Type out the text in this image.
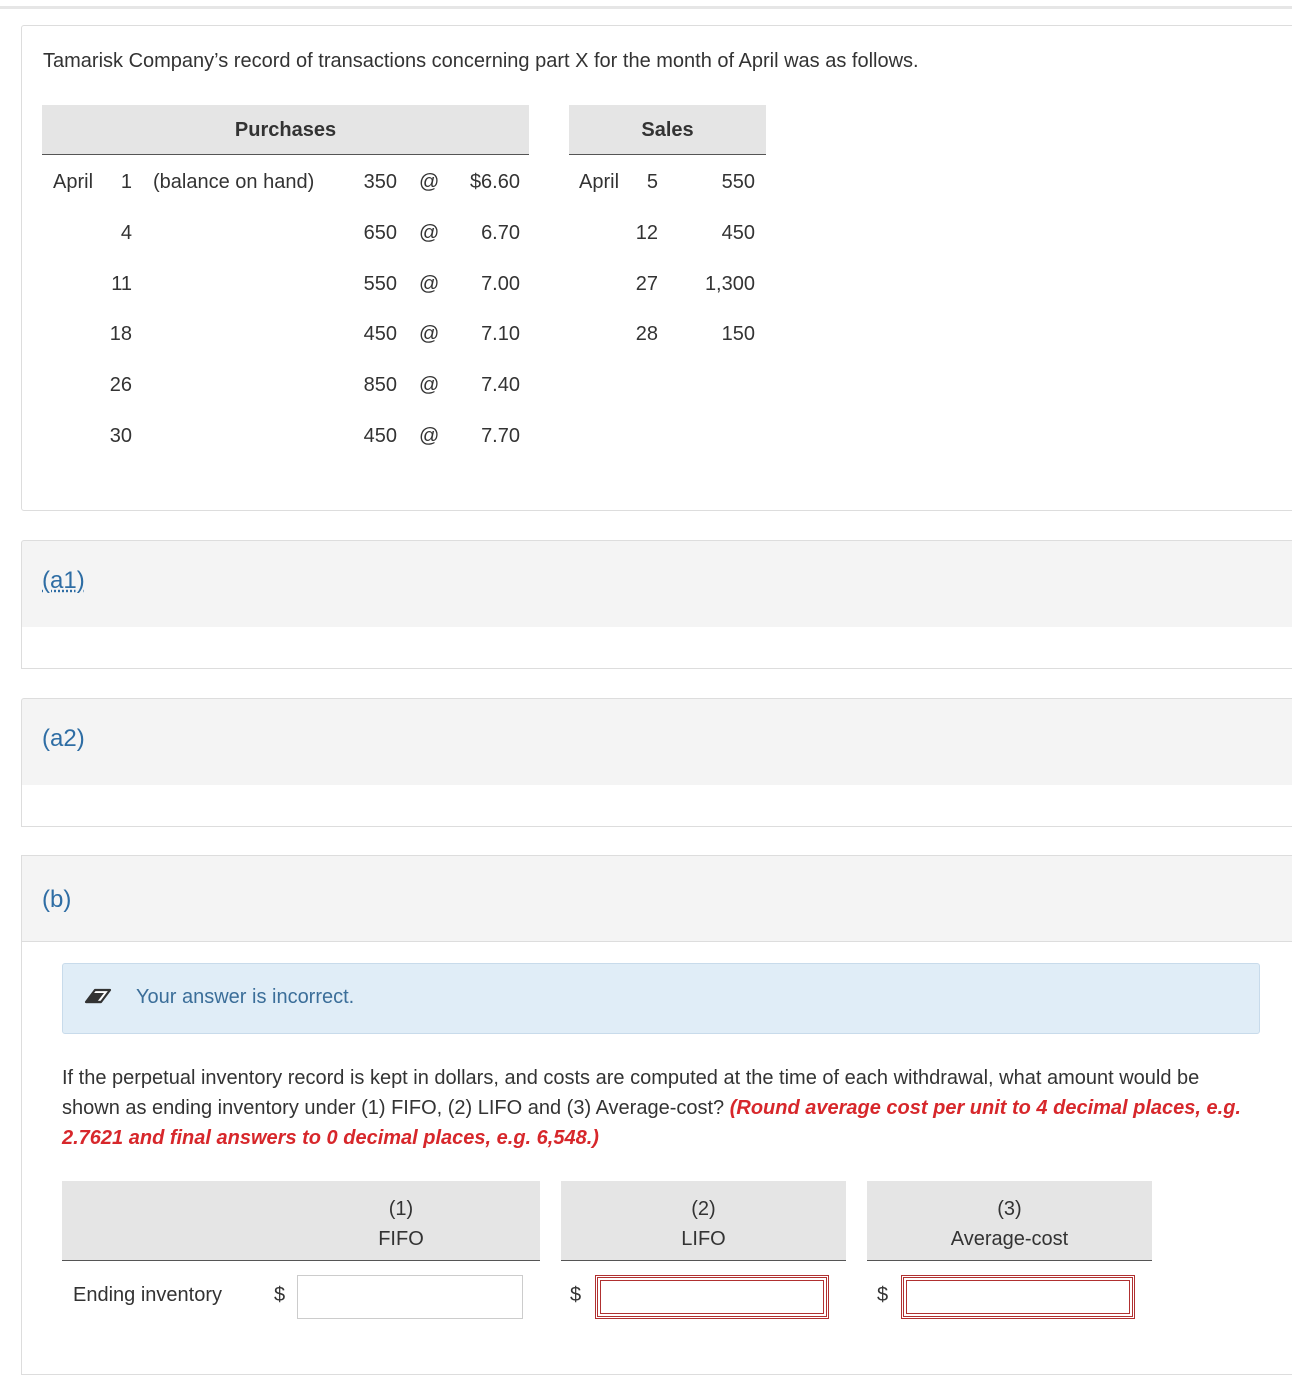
Tamarisk Company’s record of transactions concerning part X for the month of April was as follows.
Purchases	Sales
April	1 (balance on hand)	350 @	$6.60
4	650 @	6.70
11	550 @	7.00
18	450 @	7.10
26	850 @	7.40
30	450 @	7.70
April	5	550
12	450
27	1,300
28	150
(a1)
(a2)
(b)
Your answer is incorrect.
If the perpetual inventory record is kept in dollars, and costs are computed at the time of each withdrawal, what amount would be shown as ending inventory under (1) FIFO, (2) LIFO and (3) Average-cost? (Round average cost per unit to 4 decimal places, e.g. 2.7621 and final answers to 0 decimal places, e.g. 6,548.)
(1)
FIFO
(2)
LIFO
(3)
Average-cost
Ending inventory	$	$	$
